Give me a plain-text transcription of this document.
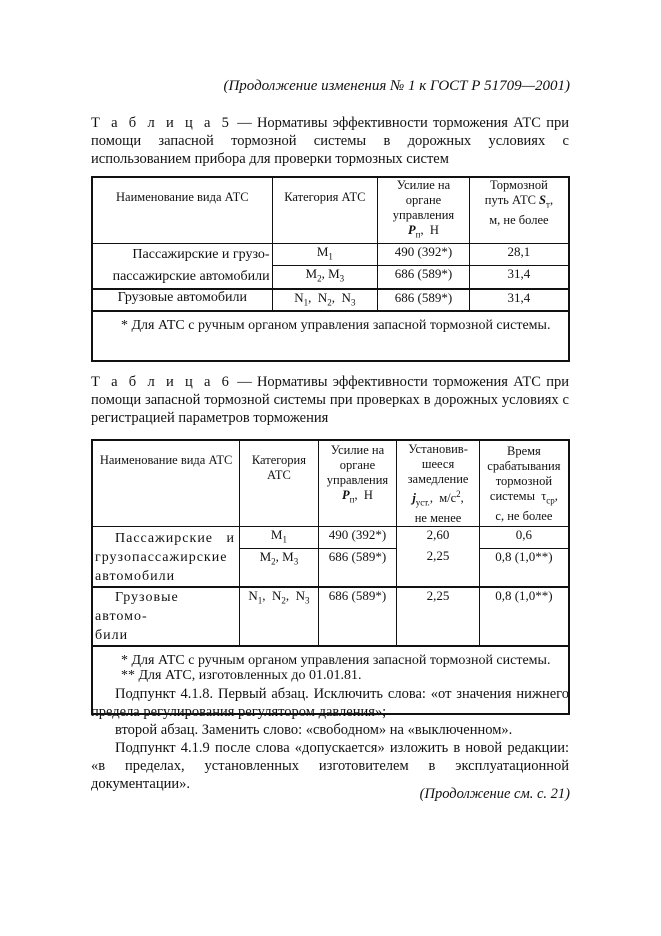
(Продолжение изменения № 1 к ГОСТ Р 51709—2001)
Т а б л и ц а 5 — Нормативы эффективности торможения АТС при помощи запасной тормозной системы в дорожных условиях с использованием прибора для проверки тормозных систем
Наименование вида АТС	Категория АТС	Усилие на
органе
управления
$P_п$,  Н	Тормозной
путь АТС $S_т$,
м, не более
Пассажирские и грузо-
пассажирские автомобили	$M_1$	490 (392*)	28,1
	$M_2$, $M_3$	686 (589*)	31,4
Грузовые автомобили	$N_1$,  $N_2$,  $N_3$	686 (589*)	31,4
* Для АТС с ручным органом управления запасной тормозной системы.			
Т а б л и ц а 6 — Нормативы эффективности торможения АТС при помощи запасной тормозной системы при проверках в дорожных условиях с регистрацией параметров торможения
Наименование вида АТС	Категория
АТС	Усилие на
органе
управления
$P_п$,  Н	Установив-
шееся
замедление
$j_{уст.}$,  $м/с^2$,
не менее	Время
срабатывания
тормозной
системы  $\tau_{ср}$,
с, не более
Пассажирские   и
грузопассажирские
автомобили	$M_1$	490 (392*)	2,60	0,6
	$M_2$, $M_3$	686 (589*)	2,25	0,8 (1,0**)
Грузовые  автомо-
били	$N_1$,  $N_2$,  $N_3$	686 (589*)	2,25	0,8 (1,0**)
* Для АТС с ручным органом управления запасной тормозной системы.
** Для АТС, изготовленных до 01.01.81.				
Подпункт 4.1.8. Первый абзац. Исключить слова: «от значения нижнего предела регулирования регулятором давления»;
второй абзац. Заменить слово: «свободном» на «выключенном».
Подпункт 4.1.9 после слова «допускается» изложить в новой редакции: «в пределах, установленных изготовителем в эксплуатационной документации».
(Продолжение см. с. 21)
